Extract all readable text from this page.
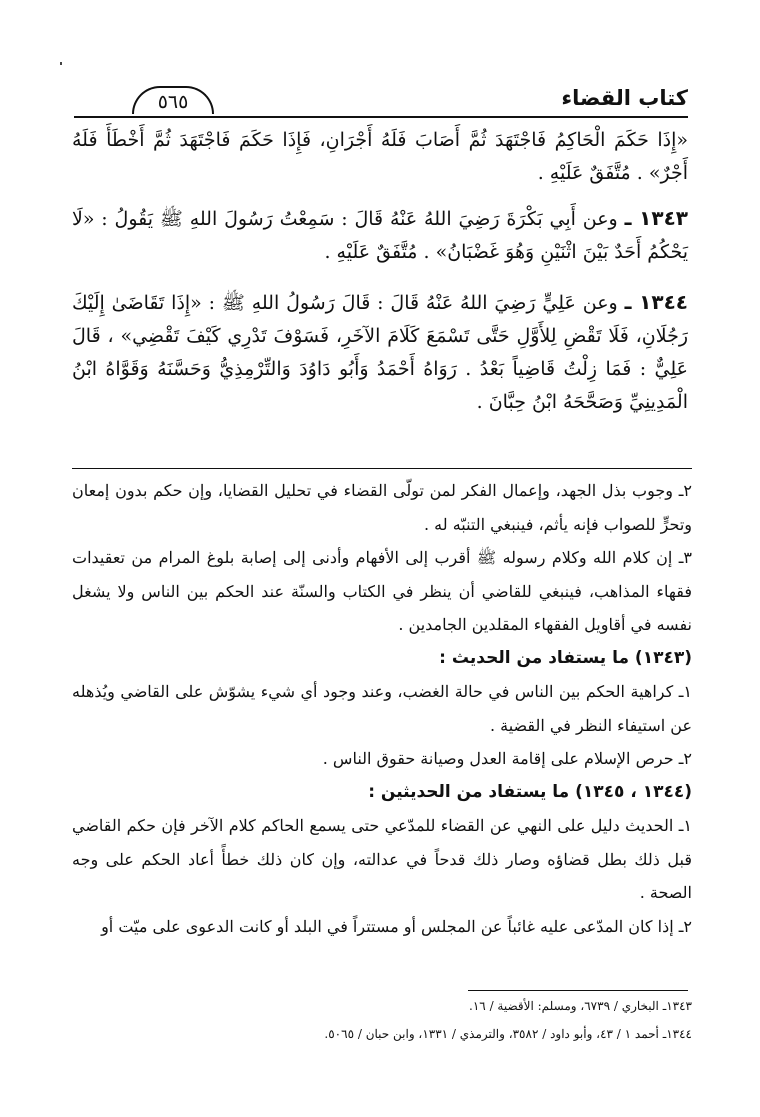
كتاب القضاء
٥٦٥
«إِذَا حَكَمَ الْحَاكِمُ فَاجْتَهَدَ ثُمَّ أَصَابَ فَلَهُ أَجْرَانِ، فَإِذَا حَكَمَ فَاجْتَهَدَ ثُمَّ أَخْطَأَ فَلَهُ أَجْرٌ» . مُتَّفَقٌ عَلَيْهِ .
١٣٤٣ ـ وعن أَبِي بَكْرَةَ رَضِيَ اللهُ عَنْهُ قَالَ : سَمِعْتُ رَسُولَ اللهِ ﷺ يَقُولُ : «لَا يَحْكُمُ أَحَدٌ بَيْنَ اثْنَيْنِ وَهُوَ غَضْبَانُ» . مُتَّفَقٌ عَلَيْهِ .
١٣٤٤ ـ وعن عَلِيٍّ رَضِيَ اللهُ عَنْهُ قَالَ : قَالَ رَسُولُ اللهِ ﷺ : «إِذَا تَقَاضَىٰ إِلَيْكَ رَجُلَانِ، فَلَا تَقْضِ لِلأَوَّلِ حَتَّى تَسْمَعَ كَلَامَ الآخَرِ، فَسَوْفَ تَدْرِي كَيْفَ تَقْضِي» ، قَالَ عَلِيٌّ : فَمَا زِلْتُ قَاضِياً بَعْدُ . رَوَاهُ أَحْمَدُ وَأَبُو دَاوُدَ وَالتِّرْمِذِيُّ وَحَسَّنَهُ وَقَوَّاهُ ابْنُ الْمَدِينِيِّ وَصَحَّحَهُ ابْنُ حِبَّانَ .

٢ـ وجوب بذل الجهد، وإعمال الفكر لمن تولّى القضاء في تحليل القضايا، وإن حكم بدون إمعان وتحرٍّ للصواب فإنه يأثم، فينبغي التنبّه له .

٣ـ إن كلام الله وكلام رسوله ﷺ أقرب إلى الأفهام وأدنى إلى إصابة بلوغ المرام من تعقيدات فقهاء المذاهب، فينبغي للقاضي أن ينظر في الكتاب والسنّة عند الحكم بين الناس ولا يشغل نفسه في أقاويل الفقهاء المقلدين الجامدين .

(١٣٤٣) ما يستفاد من الحديث :

١ـ كراهية الحكم بين الناس في حالة الغضب، وعند وجود أي شيء يشوّش على القاضي ويُذهله عن استيفاء النظر في القضية .

٢ـ حرص الإسلام على إقامة العدل وصيانة حقوق الناس .

(١٣٤٤ ، ١٣٤٥) ما يستفاد من الحديثين :

١ـ الحديث دليل على النهي عن القضاء للمدّعي حتى يسمع الحاكم كلام الآخر فإن حكم القاضي قبل ذلك بطل قضاؤه وصار ذلك قدحاً في عدالته، وإن كان ذلك خطأً أعاد الحكم على وجه الصحة .

٢ـ إذا كان المدّعى عليه غائباً عن المجلس أو مستتراً في البلد أو كانت الدعوى على ميّت أو

١٣٤٣ـ البخاري / ٦٧٣٩، ومسلم: الأقضية / ١٦.

١٣٤٤ـ أحمد ١ / ٤٣، وأبو داود / ٣٥٨٢، والترمذي / ١٣٣١، وابن حبان / ٥٠٦٥.
